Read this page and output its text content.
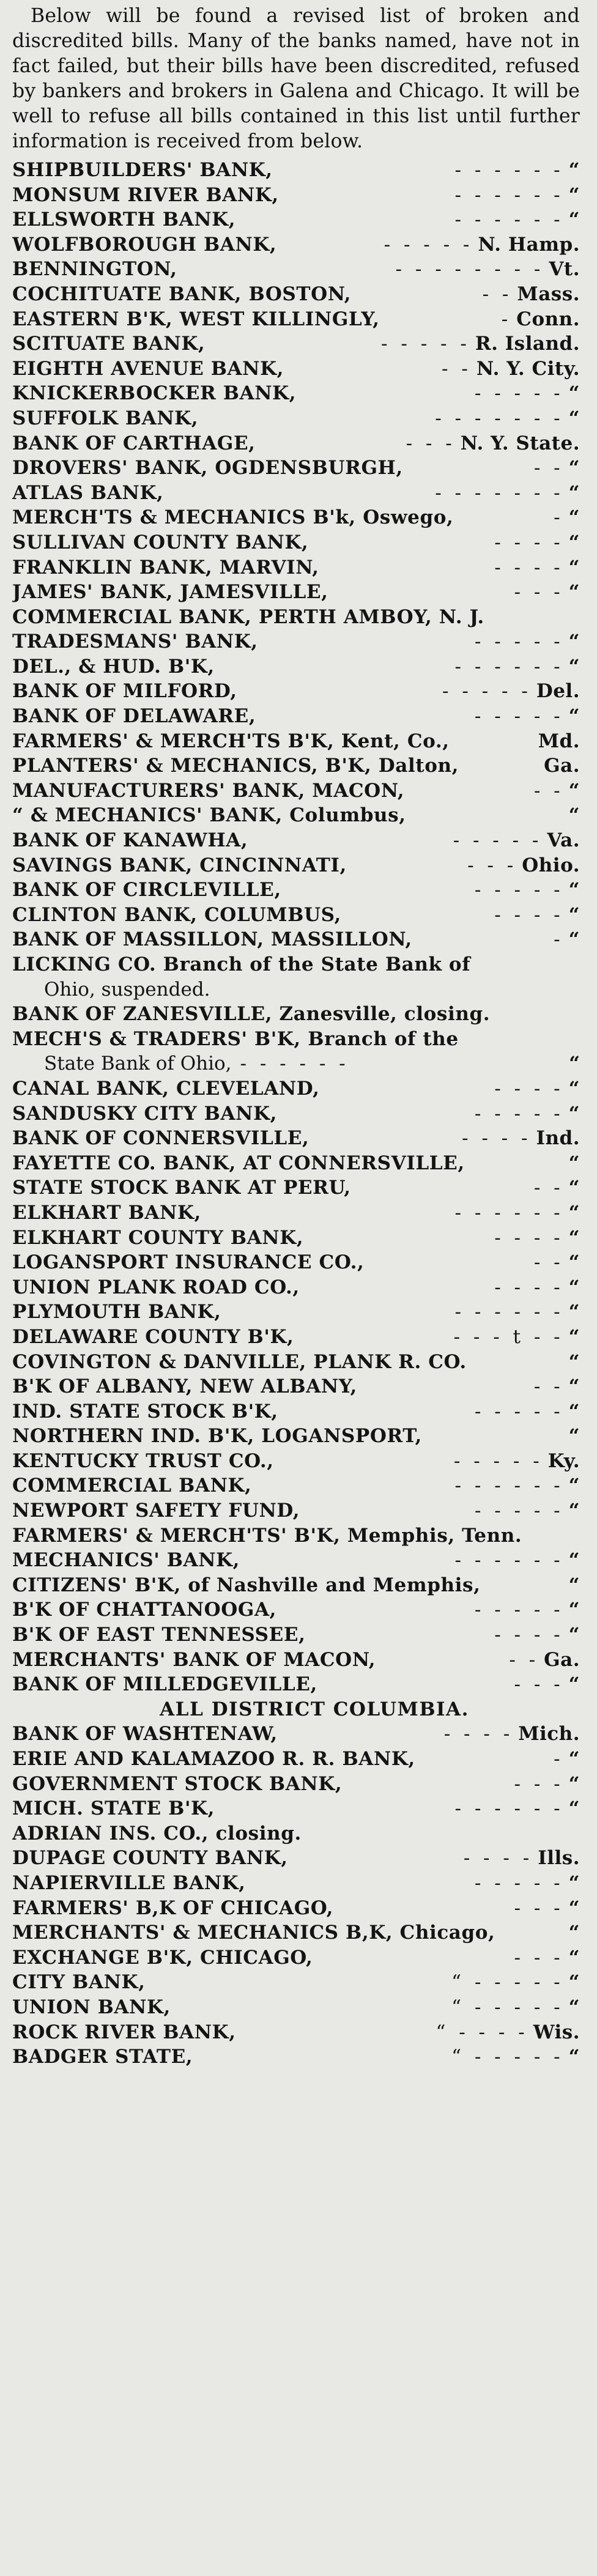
Below will be found a revised list of broken and discredited bills. Many of the banks named, have not in fact failed, but their bills have been discredited, refused by bankers and brokers in Galena and Chicago. It will be well to refuse all bills contained in this list until further information is received from below.

SHIPBUILDERS' BANK,	- - - - - - “
MONSUM RIVER BANK,	- - - - - - “
ELLSWORTH BANK,	- - - - - - “
WOLFBOROUGH BANK,	- - - - - N. Hamp.
BENNINGTON,	- - - - - - - - Vt.
COCHITUATE BANK, BOSTON,	- - Mass.
EASTERN B'K, WEST KILLINGLY,	- Conn.
SCITUATE BANK,	- - - - - R. Island.
EIGHTH AVENUE BANK,	- - N. Y. City.
KNICKERBOCKER BANK,	- - - - - “
SUFFOLK BANK,	- - - - - - - “
BANK OF CARTHAGE,	- - - N. Y. State.
DROVERS' BANK, OGDENSBURGH,	- - “
ATLAS BANK,	- - - - - - - “
MERCH'TS & MECHANICS B'k, Oswego,	- “
SULLIVAN COUNTY BANK,	- - - - “
FRANKLIN BANK, MARVIN,	- - - - “
JAMES' BANK, JAMESVILLE,	- - - “
COMMERCIAL BANK, PERTH AMBOY, N. J.
TRADESMANS' BANK,	- - - - - “
DEL., & HUD. B'K,	- - - - - - “
BANK OF MILFORD,	- - - - - Del.
BANK OF DELAWARE,	- - - - - “
FARMERS' & MERCH'TS B'K, Kent, Co.,	Md.
PLANTERS' & MECHANICS, B'K, Dalton,	Ga.
MANUFACTURERS' BANK, MACON,	- - “
“ & MECHANICS' BANK, Columbus,	“
BANK OF KANAWHA,	- - - - - Va.
SAVINGS BANK, CINCINNATI,	- - - Ohio.
BANK OF CIRCLEVILLE,	- - - - - “
CLINTON BANK, COLUMBUS,	- - - - “
BANK OF MASSILLON, MASSILLON,	- “
LICKING CO. Branch of the State Bank of
Ohio, suspended.
BANK OF ZANESVILLE, Zanesville, closing.
MECH'S & TRADERS' B'K, Branch of the
State Bank of Ohio, - - - - - -	“
CANAL BANK, CLEVELAND,	- - - - “
SANDUSKY CITY BANK,	- - - - - “
BANK OF CONNERSVILLE,	- - - - Ind.
FAYETTE CO. BANK, AT CONNERSVILLE,	“
STATE STOCK BANK AT PERU,	- - “
ELKHART BANK,	- - - - - - “
ELKHART COUNTY BANK,	- - - - “
LOGANSPORT INSURANCE CO.,	- - “
UNION PLANK ROAD CO.,	- - - - “
PLYMOUTH BANK,	- - - - - - “
DELAWARE COUNTY B'K,	- - - t - - “
COVINGTON & DANVILLE, PLANK R. CO.	“
B'K OF ALBANY, NEW ALBANY,	- - “
IND. STATE STOCK B'K,	- - - - - “
NORTHERN IND. B'K, LOGANSPORT,	“
KENTUCKY TRUST CO.,	- - - - - Ky.
COMMERCIAL BANK,	- - - - - - “
NEWPORT SAFETY FUND,	- - - - - “
FARMERS' & MERCH'TS' B'K, Memphis, Tenn.
MECHANICS' BANK,	- - - - - - “
CITIZENS' B'K, of Nashville and Memphis,	“
B'K OF CHATTANOOGA,	- - - - - “
B'K OF EAST TENNESSEE,	- - - - “
MERCHANTS' BANK OF MACON,	- - Ga.
BANK OF MILLEDGEVILLE,	- - - “
ALL DISTRICT COLUMBIA.
BANK OF WASHTENAW,	- - - - Mich.
ERIE AND KALAMAZOO R. R. BANK,	- “
GOVERNMENT STOCK BANK,	- - - “
MICH. STATE B'K,	- - - - - - “
ADRIAN INS. CO., closing.
DUPAGE COUNTY BANK,	- - - - Ills.
NAPIERVILLE BANK,	- - - - - “
FARMERS' B,K OF CHICAGO,	- - - “
MERCHANTS' & MECHANICS B,K, Chicago,	“
EXCHANGE B'K, CHICAGO,	- - - “
CITY BANK,	“ - - - - - “
UNION BANK,	“ - - - - - “
ROCK RIVER BANK,	“ - - - - Wis.
BADGER STATE,	“ - - - - - “
